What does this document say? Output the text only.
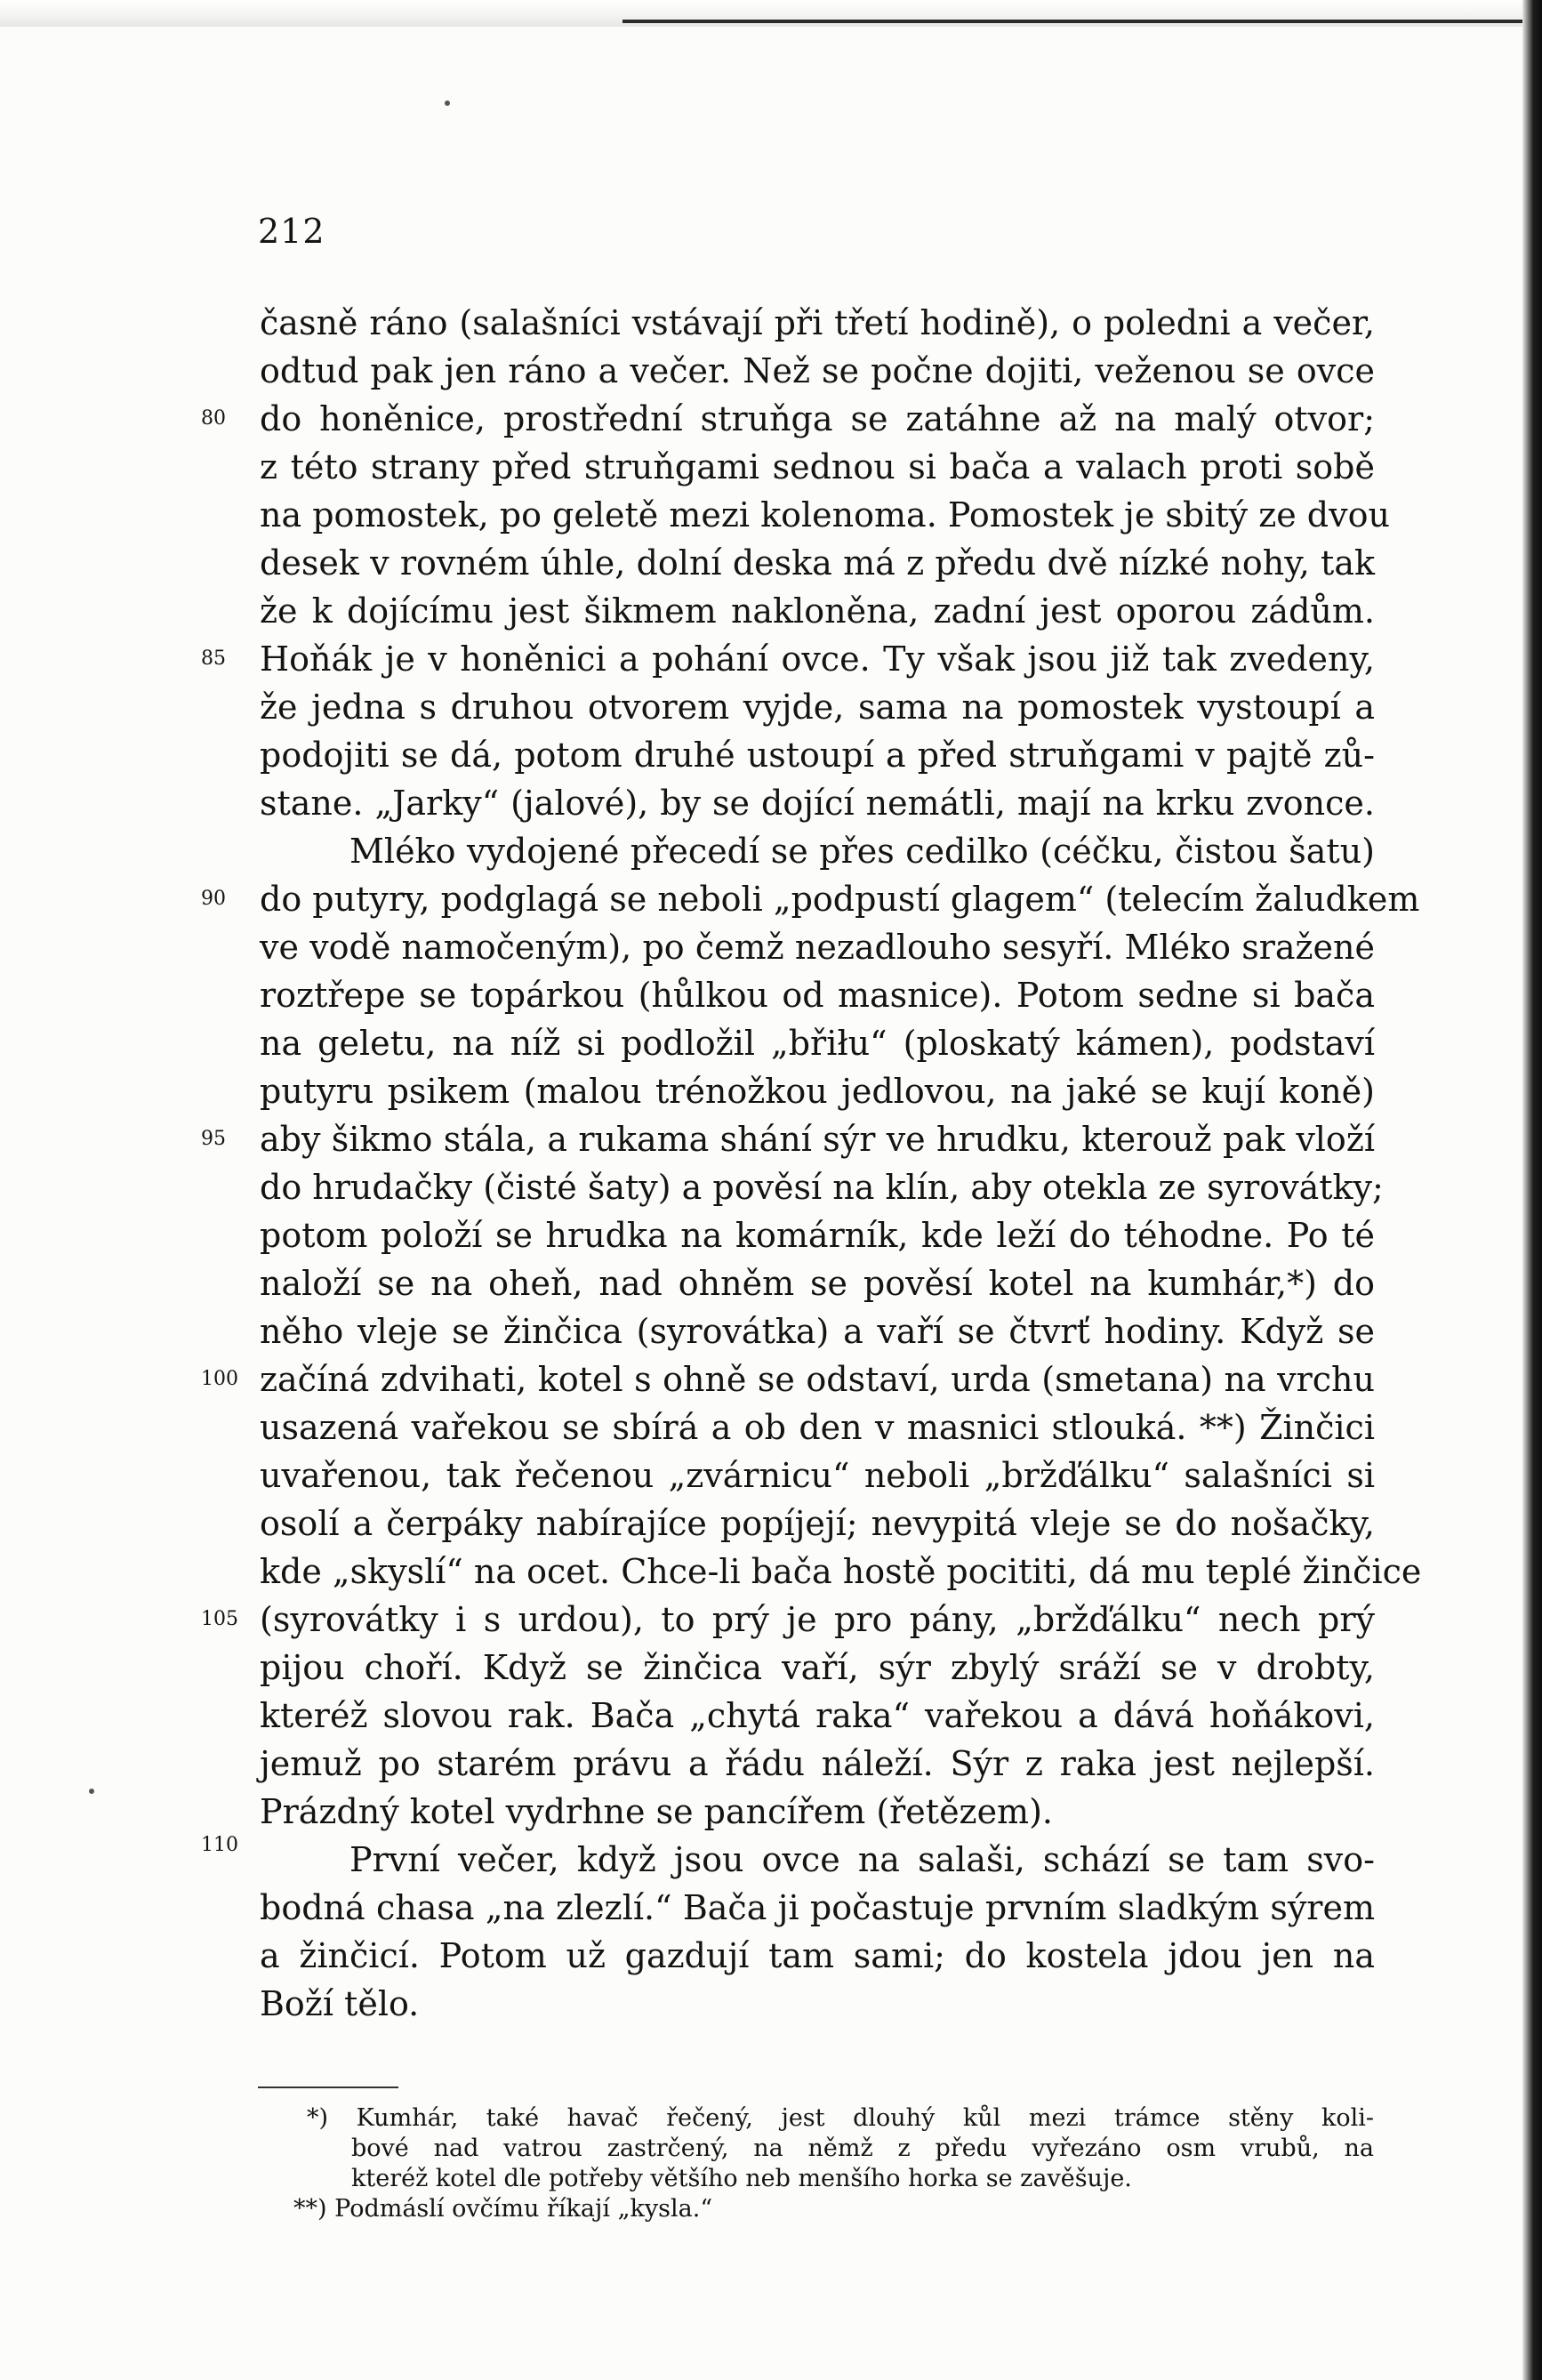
212
časně ráno (salašníci vstávají při třetí hodině), o poledni a večer,
odtud pak jen ráno a večer. Než se počne dojiti, veženou se ovce
do honěnice, prostřední struňga se zatáhne až na malý otvor;
z této strany před struňgami sednou si bača a valach proti sobě
na pomostek, po geletě mezi kolenoma. Pomostek je sbitý ze dvou
desek v rovném úhle, dolní deska má z předu dvě nízké nohy, tak
že k dojícímu jest šikmem nakloněna, zadní jest oporou zádům.
Hoňák je v honěnici a pohání ovce. Ty však jsou již tak zvedeny,
že jedna s druhou otvorem vyjde, sama na pomostek vystoupí a
podojiti se dá, potom druhé ustoupí a před struňgami v pajtě zů-
stane. „Jarky“ (jalové), by se dojící nemátli, mají na krku zvonce.
Mléko vydojené přecedí se přes cedilko (céčku, čistou šatu)
do putyry, podglagá se neboli „podpustí glagem“ (telecím žaludkem
ve vodě namočeným), po čemž nezadlouho sesyří. Mléko sražené
roztřepe se topárkou (hůlkou od masnice). Potom sedne si bača
na geletu, na níž si podložil „břiłu“ (ploskatý kámen), podstaví
putyru psikem (malou trénožkou jedlovou, na jaké se kují koně)
aby šikmo stála, a rukama shání sýr ve hrudku, kterouž pak vloží
do hrudačky (čisté šaty) a pověsí na klín, aby otekla ze syrovátky;
potom položí se hrudka na komárník, kde leží do téhodne. Po té
naloží se na oheň, nad ohněm se pověsí kotel na kumhár,*) do
něho vleje se žinčica (syrovátka) a vaří se čtvrť hodiny. Když se
začíná zdvihati, kotel s ohně se odstaví, urda (smetana) na vrchu
usazená vařekou se sbírá a ob den v masnici stlouká. **) Žinčici
uvařenou, tak řečenou „zvárnicu“ neboli „bržďálku“ salašníci si
osolí a čerpáky nabírajíce popíjejí; nevypitá vleje se do nošačky,
kde „skyslí“ na ocet. Chce-li bača hostě pocititi, dá mu teplé žinčice
(syrovátky i s urdou), to prý je pro pány, „bržďálku“ nech prý
pijou choří. Když se žinčica vaří, sýr zbylý sráží se v drobty,
kteréž slovou rak. Bača „chytá raka“ vařekou a dává hoňákovi,
jemuž po starém právu a řádu náleží. Sýr z raka jest nejlepší.
Prázdný kotel vydrhne se pancířem (řetězem).
První večer, když jsou ovce na salaši, schází se tam svo-
bodná chasa „na zlezlí.“ Bača ji počastuje prvním sladkým sýrem
a žinčicí. Potom už gazdují tam sami; do kostela jdou jen na
Boží tělo.
80
85
90
95
100
105
110
*) Kumhár, také havač řečený, jest dlouhý kůl mezi trámce stěny koli-
bové nad vatrou zastrčený, na němž z předu vyřezáno osm vrubů, na
kteréž kotel dle potřeby většího neb menšího horka se zavěšuje.
**) Podmáslí ovčímu říkají „kysla.“
